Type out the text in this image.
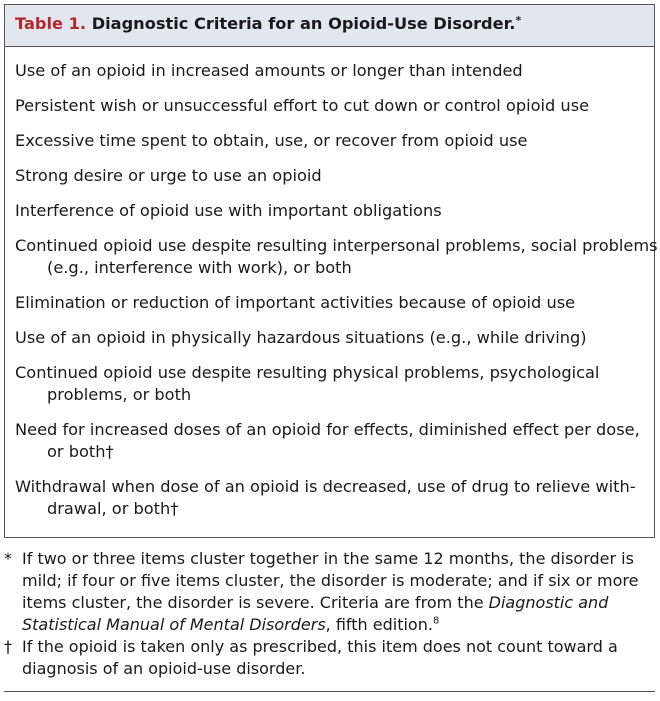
Table 1. Diagnostic Criteria for an Opioid-Use Disorder.*
Use of an opioid in increased amounts or longer than intended
Persistent wish or unsuccessful effort to cut down or control opioid use
Excessive time spent to obtain, use, or recover from opioid use
Strong desire or urge to use an opioid
Interference of opioid use with important obligations
Continued opioid use despite resulting interpersonal problems, social problems
(e.g., interference with work), or both
Elimination or reduction of important activities because of opioid use
Use of an opioid in physically hazardous situations (e.g., while driving)
Continued opioid use despite resulting physical problems, psychological
problems, or both
Need for increased doses of an opioid for effects, diminished effect per dose,
or both†
Withdrawal when dose of an opioid is decreased, use of drug to relieve with-
drawal, or both†
* If two or three items cluster together in the same 12 months, the disorder is
mild; if four or five items cluster, the disorder is moderate; and if six or more
items cluster, the disorder is severe. Criteria are from the Diagnostic and
Statistical Manual of Mental Disorders, fifth edition.$^8$
† If the opioid is taken only as prescribed, this item does not count toward a
diagnosis of an opioid-use disorder.
